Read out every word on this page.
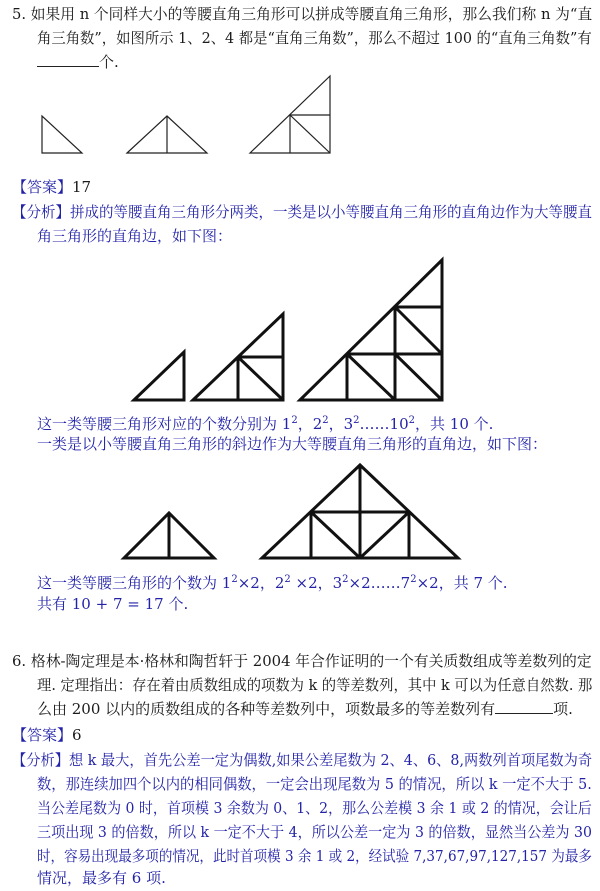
5. 如果用 n 个同样大小的等腰直角三角形可以拼成等腰直角三角形，那么我们称 n 为“直
角三角数”，如图所示 1、2、4 都是“直角三角数”，那么不超过 100 的“直角三角数”有
个.
【答案】17
【分析】拼成的等腰直角三角形分两类，一类是以小等腰直角三角形的直角边作为大等腰直
角三角形的直角边，如下图：
这一类等腰三角形对应的个数分别为 $1^2$，$2^2$，$3^2\dots\dots 10^2$，共 10 个.
一类是以小等腰直角三角形的斜边作为大等腰直角三角形的直角边，如下图：
这一类等腰三角形的个数为 $1^2\times 2$，$2^2 \times 2$，$3^2\times 2\dots\dots 7^2\times 2$，共 7 个.
共有 10 + 7 = 17 个.
6. 格林-陶定理是本·格林和陶哲轩于 2004 年合作证明的一个有关质数组成等差数列的定
理. 定理指出：存在着由质数组成的项数为 k 的等差数列，其中 k 可以为任意自然数. 那
么由 200 以内的质数组成的各种等差数列中，项数最多的等差数列有	项.
【答案】6
【分析】想 k 最大，首先公差一定为偶数,如果公差尾数为 2、4、6、8,两数列首项尾数为奇
数，那连续加四个以内的相同偶数，一定会出现尾数为 5 的情况，所以 k 一定不大于 5.
当公差尾数为 0 时，首项模 3 余数为 0、1、2，那么公差模 3 余 1 或 2 的情况，会让后
三项出现 3 的倍数，所以 k 一定不大于 4，所以公差一定为 3 的倍数，显然当公差为 30
时，容易出现最多项的情况，此时首项模 3 余 1 或 2，经试验 7,37,67,97,127,157 为最多
情况，最多有 6 项.
